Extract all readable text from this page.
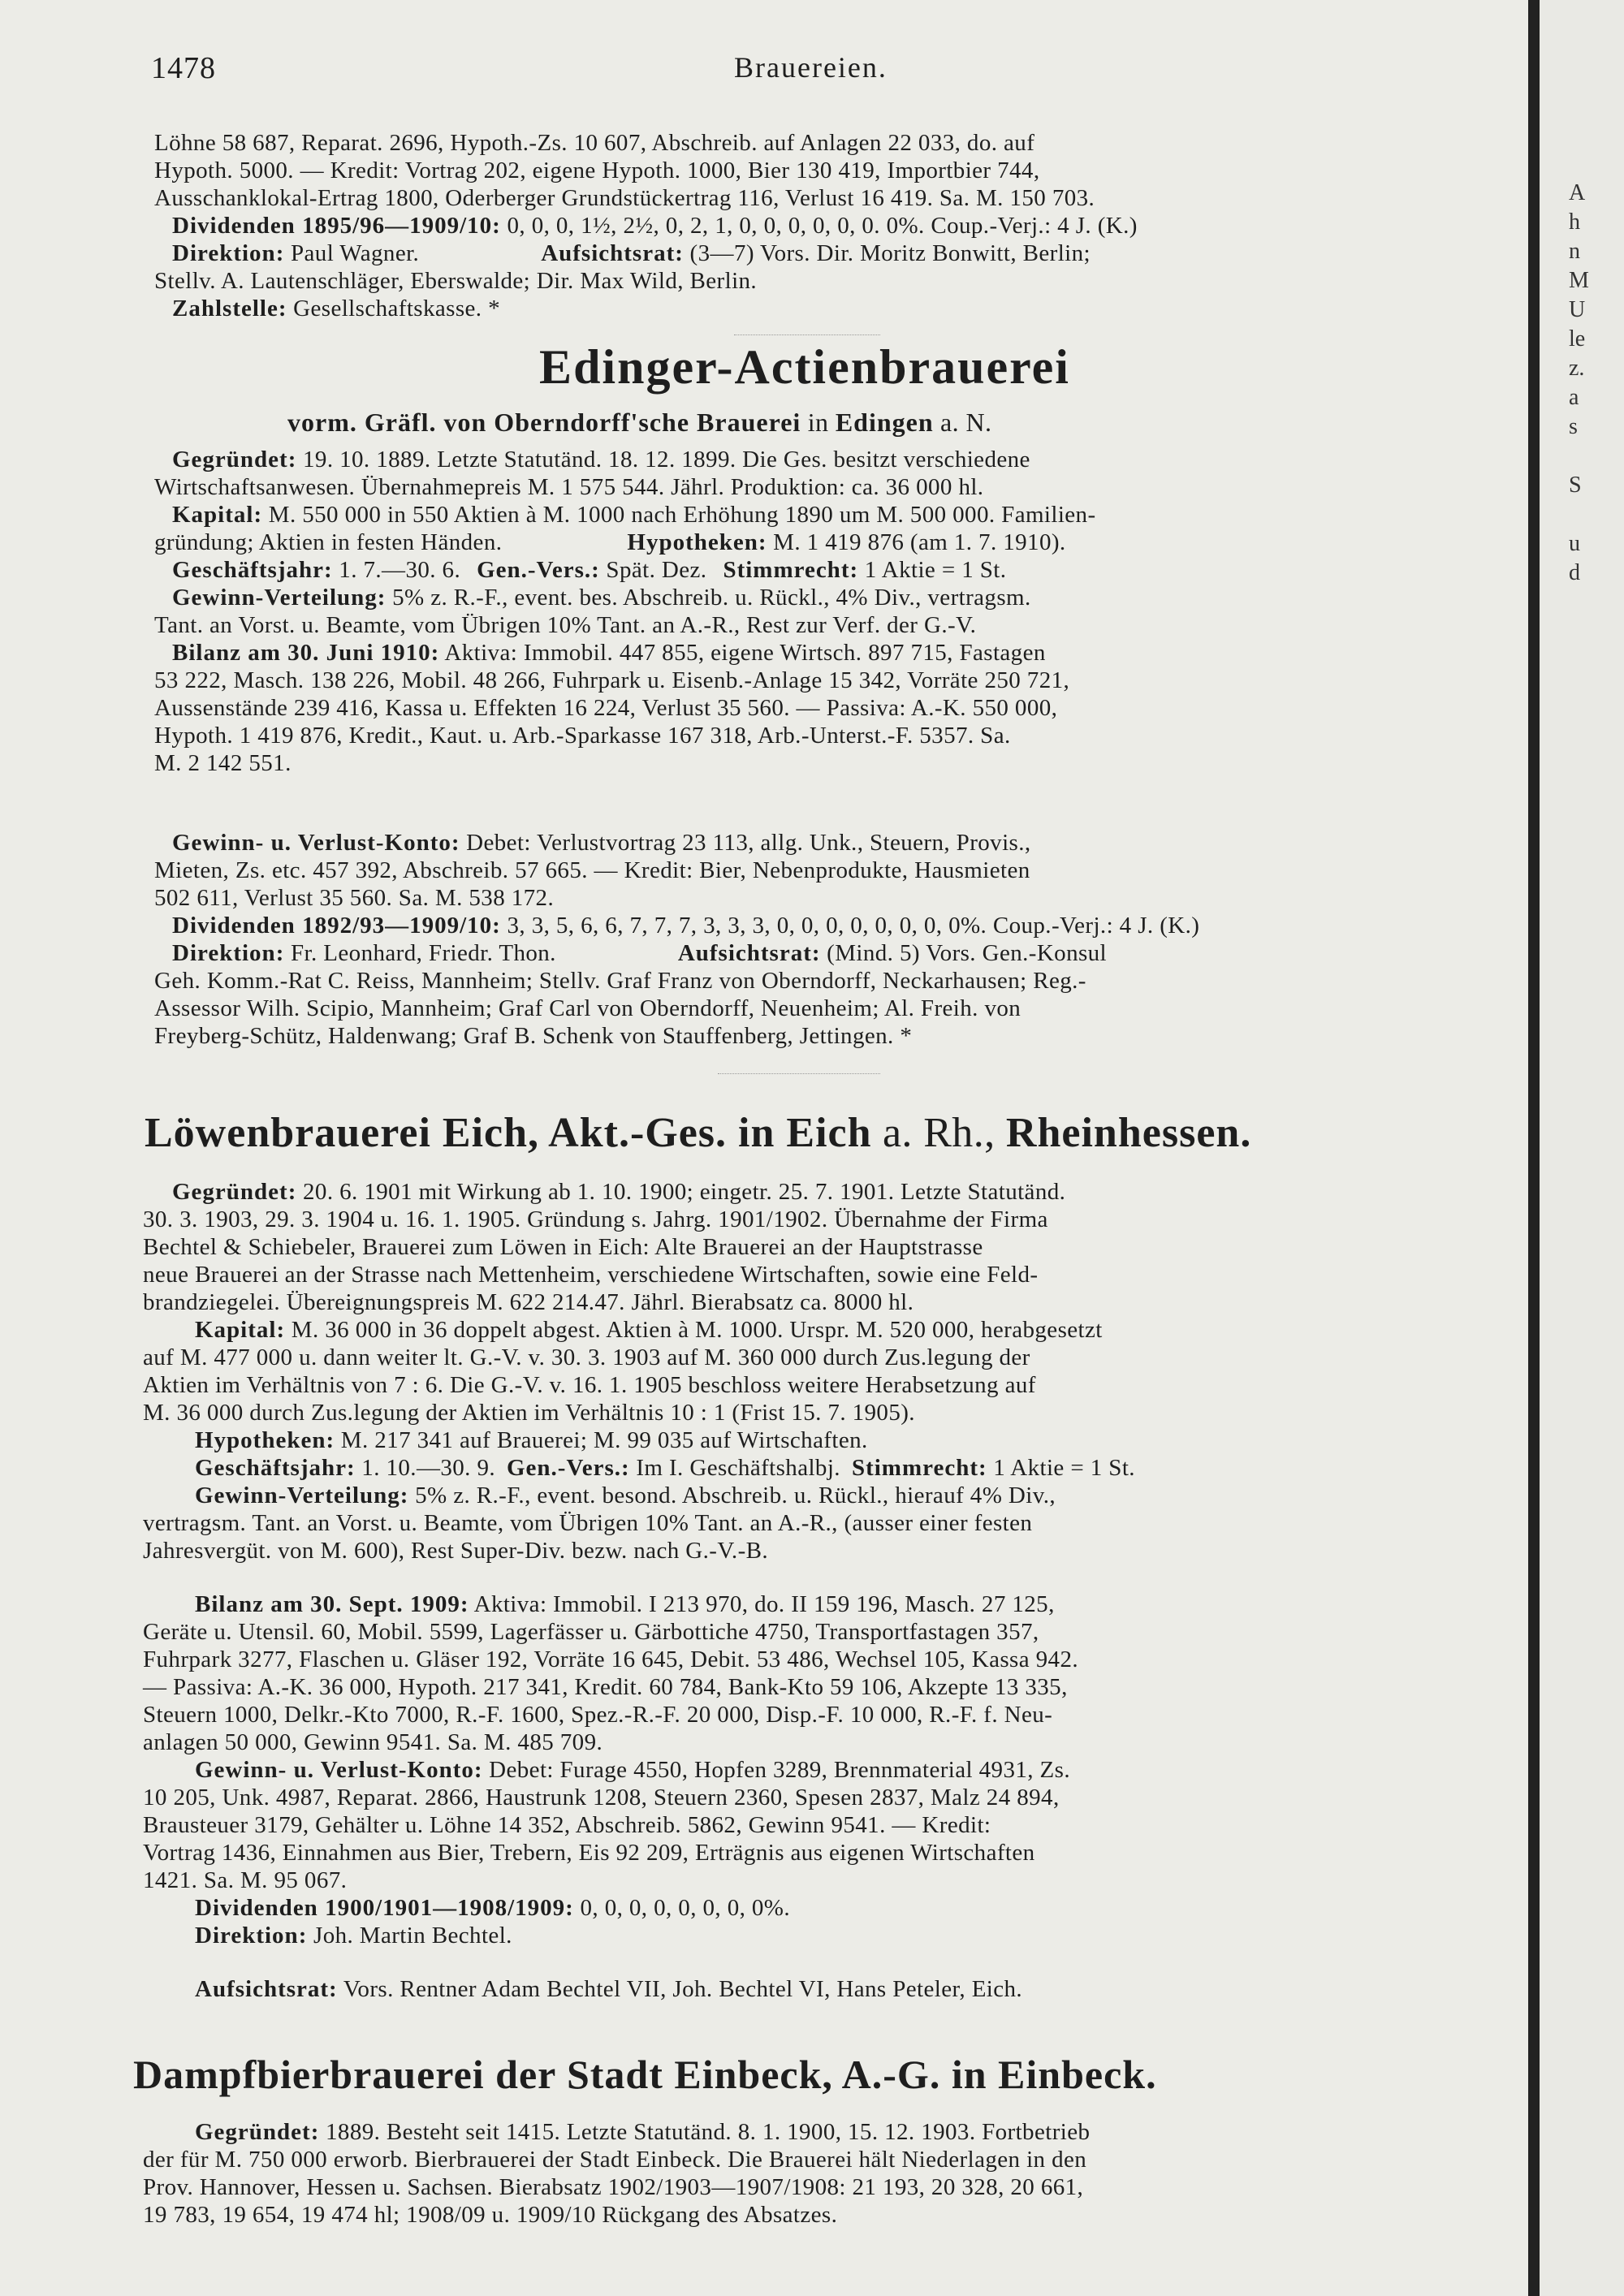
1478	Brauereien.
Löhne 58 687, Reparat. 2696, Hypoth.-Zs. 10 607, Abschreib. auf Anlagen 22 033, do. auf
Hypoth. 5000. — Kredit: Vortrag 202, eigene Hypoth. 1000, Bier 130 419, Importbier 744,
Ausschanklokal-Ertrag 1800, Oderberger Grundstückertrag 116, Verlust 16 419. Sa. M. 150 703.
Dividenden 1895/96—1909/10: 0, 0, 0, 1½, 2½, 0, 2, 1, 0, 0, 0, 0, 0, 0. 0%. Coup.-Verj.: 4 J. (K.)
Direktion: Paul Wagner.	Aufsichtsrat: (3—7) Vors. Dir. Moritz Bonwitt, Berlin;
Stellv. A. Lautenschläger, Eberswalde; Dir. Max Wild, Berlin.
Zahlstelle: Gesellschaftskasse. *
Edinger-Actienbrauerei
vorm. Gräfl. von Oberndorff'sche Brauerei in Edingen a. N.
Gegründet: 19. 10. 1889. Letzte Statutänd. 18. 12. 1899. Die Ges. besitzt verschiedene
Wirtschaftsanwesen. Übernahmepreis M. 1 575 544. Jährl. Produktion: ca. 36 000 hl.
Kapital: M. 550 000 in 550 Aktien à M. 1000 nach Erhöhung 1890 um M. 500 000. Familien-
gründung; Aktien in festen Händen.	Hypotheken: M. 1 419 876 (am 1. 7. 1910).
Geschäftsjahr: 1. 7.—30. 6. Gen.-Vers.: Spät. Dez. Stimmrecht: 1 Aktie = 1 St.
Gewinn-Verteilung: 5% z. R.-F., event. bes. Abschreib. u. Rückl., 4% Div., vertragsm.
Tant. an Vorst. u. Beamte, vom Übrigen 10% Tant. an A.-R., Rest zur Verf. der G.-V.
Bilanz am 30. Juni 1910: Aktiva: Immobil. 447 855, eigene Wirtsch. 897 715, Fastagen
53 222, Masch. 138 226, Mobil. 48 266, Fuhrpark u. Eisenb.-Anlage 15 342, Vorräte 250 721,
Aussenstände 239 416, Kassa u. Effekten 16 224, Verlust 35 560. — Passiva: A.-K. 550 000,
Hypoth. 1 419 876, Kredit., Kaut. u. Arb.-Sparkasse 167 318, Arb.-Unterst.-F. 5357. Sa.
M. 2 142 551.
Gewinn- u. Verlust-Konto: Debet: Verlustvortrag 23 113, allg. Unk., Steuern, Provis.,
Mieten, Zs. etc. 457 392, Abschreib. 57 665. — Kredit: Bier, Nebenprodukte, Hausmieten
502 611, Verlust 35 560. Sa. M. 538 172.
Dividenden 1892/93—1909/10: 3, 3, 5, 6, 6, 7, 7, 7, 3, 3, 3, 0, 0, 0, 0, 0, 0, 0, 0%. Coup.-Verj.: 4 J. (K.)
Direktion: Fr. Leonhard, Friedr. Thon.	Aufsichtsrat: (Mind. 5) Vors. Gen.-Konsul
Geh. Komm.-Rat C. Reiss, Mannheim; Stellv. Graf Franz von Oberndorff, Neckarhausen; Reg.-
Assessor Wilh. Scipio, Mannheim; Graf Carl von Oberndorff, Neuenheim; Al. Freih. von
Freyberg-Schütz, Haldenwang; Graf B. Schenk von Stauffenberg, Jettingen. *
Löwenbrauerei Eich, Akt.-Ges. in Eich a. Rh., Rheinhessen.
Gegründet: 20. 6. 1901 mit Wirkung ab 1. 10. 1900; eingetr. 25. 7. 1901. Letzte Statutänd.
30. 3. 1903, 29. 3. 1904 u. 16. 1. 1905. Gründung s. Jahrg. 1901/1902. Übernahme der Firma
Bechtel & Schiebeler, Brauerei zum Löwen in Eich: Alte Brauerei an der Hauptstrasse
neue Brauerei an der Strasse nach Mettenheim, verschiedene Wirtschaften, sowie eine Feld-
brandziegelei. Übereignungspreis M. 622 214.47. Jährl. Bierabsatz ca. 8000 hl.
Kapital: M. 36 000 in 36 doppelt abgest. Aktien à M. 1000. Urspr. M. 520 000, herabgesetzt
auf M. 477 000 u. dann weiter lt. G.-V. v. 30. 3. 1903 auf M. 360 000 durch Zus.legung der
Aktien im Verhältnis von 7 : 6. Die G.-V. v. 16. 1. 1905 beschloss weitere Herabsetzung auf
M. 36 000 durch Zus.legung der Aktien im Verhältnis 10 : 1 (Frist 15. 7. 1905).
Hypotheken: M. 217 341 auf Brauerei; M. 99 035 auf Wirtschaften.
Geschäftsjahr: 1. 10.—30. 9. Gen.-Vers.: Im I. Geschäftshalbj. Stimmrecht: 1 Aktie = 1 St.
Gewinn-Verteilung: 5% z. R.-F., event. besond. Abschreib. u. Rückl., hierauf 4% Div.,
vertragsm. Tant. an Vorst. u. Beamte, vom Übrigen 10% Tant. an A.-R., (ausser einer festen
Jahresvergüt. von M. 600), Rest Super-Div. bezw. nach G.-V.-B.
Bilanz am 30. Sept. 1909: Aktiva: Immobil. I 213 970, do. II 159 196, Masch. 27 125,
Geräte u. Utensil. 60, Mobil. 5599, Lagerfässer u. Gärbottiche 4750, Transportfastagen 357,
Fuhrpark 3277, Flaschen u. Gläser 192, Vorräte 16 645, Debit. 53 486, Wechsel 105, Kassa 942.
— Passiva: A.-K. 36 000, Hypoth. 217 341, Kredit. 60 784, Bank-Kto 59 106, Akzepte 13 335,
Steuern 1000, Delkr.-Kto 7000, R.-F. 1600, Spez.-R.-F. 20 000, Disp.-F. 10 000, R.-F. f. Neu-
anlagen 50 000, Gewinn 9541. Sa. M. 485 709.
Gewinn- u. Verlust-Konto: Debet: Furage 4550, Hopfen 3289, Brennmaterial 4931, Zs.
10 205, Unk. 4987, Reparat. 2866, Haustrunk 1208, Steuern 2360, Spesen 2837, Malz 24 894,
Brausteuer 3179, Gehälter u. Löhne 14 352, Abschreib. 5862, Gewinn 9541. — Kredit:
Vortrag 1436, Einnahmen aus Bier, Trebern, Eis 92 209, Erträgnis aus eigenen Wirtschaften
1421. Sa. M. 95 067.
Dividenden 1900/1901—1908/1909: 0, 0, 0, 0, 0, 0, 0, 0%.
Direktion: Joh. Martin Bechtel.
Aufsichtsrat: Vors. Rentner Adam Bechtel VII, Joh. Bechtel VI, Hans Peteler, Eich.
Dampfbierbrauerei der Stadt Einbeck, A.-G. in Einbeck.
Gegründet: 1889. Besteht seit 1415. Letzte Statutänd. 8. 1. 1900, 15. 12. 1903. Fortbetrieb
der für M. 750 000 erworb. Bierbrauerei der Stadt Einbeck. Die Brauerei hält Niederlagen in den
Prov. Hannover, Hessen u. Sachsen. Bierabsatz 1902/1903—1907/1908: 21 193, 20 328, 20 661,
19 783, 19 654, 19 474 hl; 1908/09 u. 1909/10 Rückgang des Absatzes.
A
h
n
M
U
le
z.
a
s
S
u
d
